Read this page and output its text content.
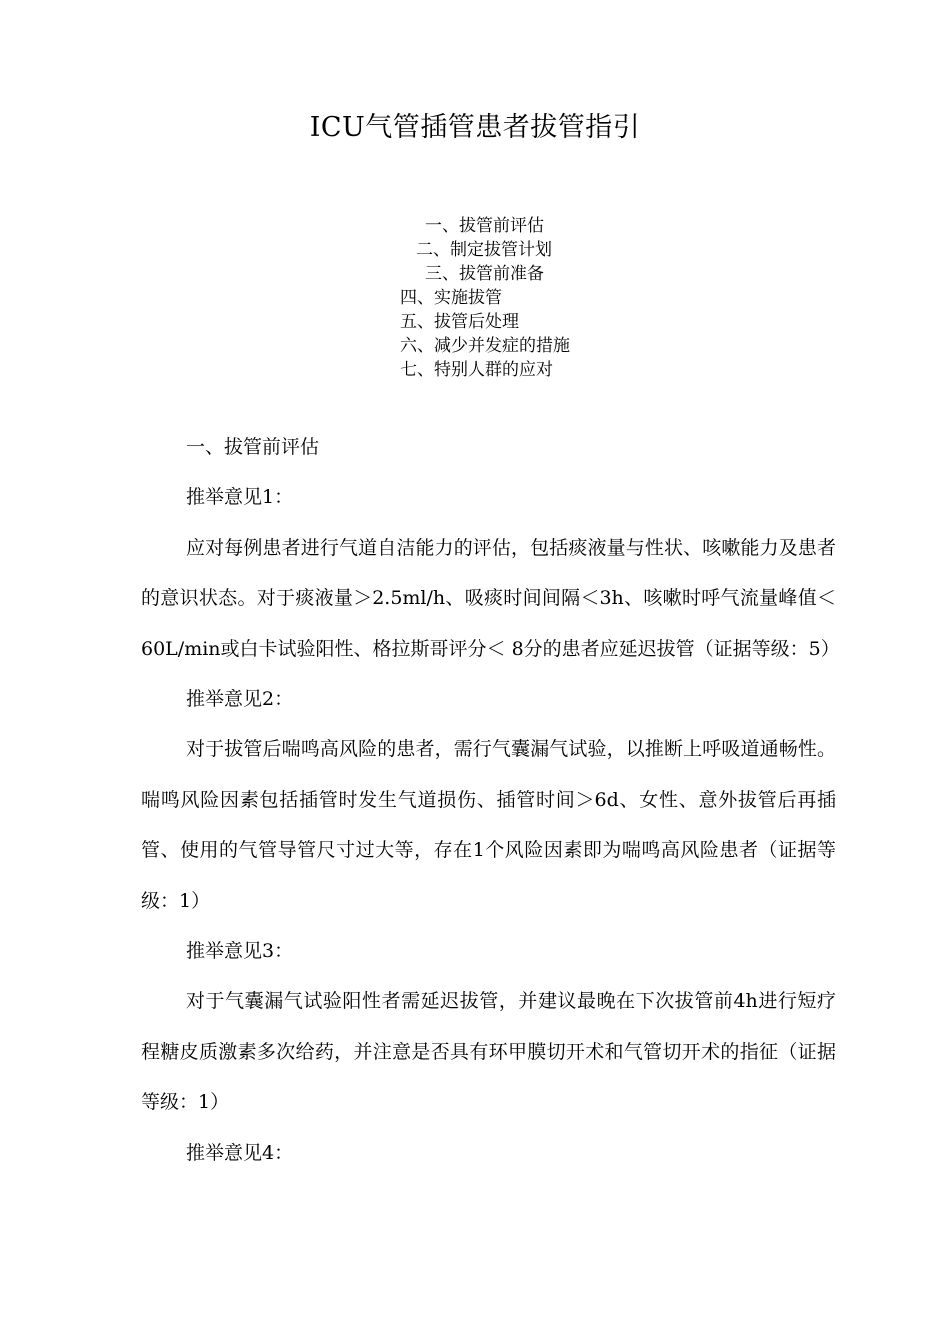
ICU气管插管患者拔管指引
一、拔管前评估
二、制定拔管计划
三、拔管前准备
四、实施拔管
五、拔管后处理
六、减少并发症的措施
七、特别人群的应对

一、拔管前评估

推举意见1：

应对每例患者进行气道自洁能力的评估，包括痰液量与性状、咳嗽能力及患者的意识状态。对于痰液量＞2.5ml/h、吸痰时间间隔＜3h、咳嗽时呼气流量峰值＜60L/min或白卡试验阳性、格拉斯哥评分＜ 8分的患者应延迟拔管（证据等级：5）

推举意见2：

对于拔管后喘鸣高风险的患者，需行气囊漏气试验，以推断上呼吸道通畅性。喘鸣风险因素包括插管时发生气道损伤、插管时间＞6d、女性、意外拔管后再插管、使用的气管导管尺寸过大等，存在1个风险因素即为喘鸣高风险患者（证据等级：1）

推举意见3：

对于气囊漏气试验阳性者需延迟拔管，并建议最晚在下次拔管前4h进行短疗程糖皮质激素多次给药，并注意是否具有环甲膜切开术和气管切开术的指征（证据等级：1）

推举意见4：
